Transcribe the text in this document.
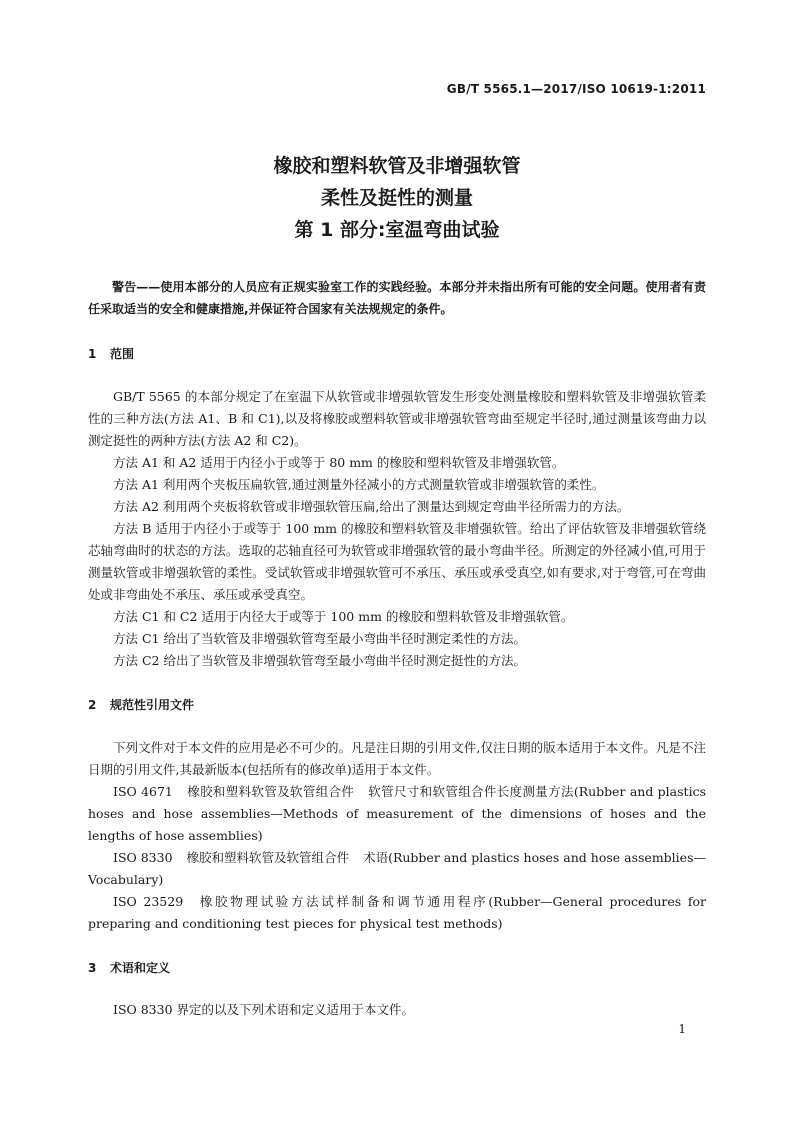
GB/T 5565.1—2017/ISO 10619-1:2011
橡胶和塑料软管及非增强软管
柔性及挺性的测量
第 1 部分:室温弯曲试验

警告——使用本部分的人员应有正规实验室工作的实践经验。本部分并未指出所有可能的安全问题。使用者有责任采取适当的安全和健康措施,并保证符合国家有关法规规定的条件。

1 范围

GB/T 5565 的本部分规定了在室温下从软管或非增强软管发生形变处测量橡胶和塑料软管及非增强软管柔性的三种方法(方法 A1、B 和 C1),以及将橡胶或塑料软管或非增强软管弯曲至规定半径时,通过测量该弯曲力以测定挺性的两种方法(方法 A2 和 C2)。

方法 A1 和 A2 适用于内径小于或等于 80 mm 的橡胶和塑料软管及非增强软管。

方法 A1 利用两个夹板压扁软管,通过测量外径减小的方式测量软管或非增强软管的柔性。

方法 A2 利用两个夹板将软管或非增强软管压扁,给出了测量达到规定弯曲半径所需力的方法。

方法 B 适用于内径小于或等于 100 mm 的橡胶和塑料软管及非增强软管。给出了评估软管及非增强软管绕芯轴弯曲时的状态的方法。选取的芯轴直径可为软管或非增强软管的最小弯曲半径。所测定的外径减小值,可用于测量软管或非增强软管的柔性。受试软管或非增强软管可不承压、承压或承受真空,如有要求,对于弯管,可在弯曲处或非弯曲处不承压、承压或承受真空。

方法 C1 和 C2 适用于内径大于或等于 100 mm 的橡胶和塑料软管及非增强软管。

方法 C1 给出了当软管及非增强软管弯至最小弯曲半径时测定柔性的方法。

方法 C2 给出了当软管及非增强软管弯至最小弯曲半径时测定挺性的方法。

2 规范性引用文件

下列文件对于本文件的应用是必不可少的。凡是注日期的引用文件,仅注日期的版本适用于本文件。凡是不注日期的引用文件,其最新版本(包括所有的修改单)适用于本文件。

ISO 4671 橡胶和塑料软管及软管组合件 软管尺寸和软管组合件长度测量方法(Rubber and plastics hoses and hose assemblies—Methods of measurement of the dimensions of hoses and the lengths of hose assemblies)

ISO 8330 橡胶和塑料软管及软管组合件 术语(Rubber and plastics hoses and hose assemblies—Vocabulary)

ISO 23529 橡胶物理试验方法试样制备和调节通用程序(Rubber—General procedures for preparing and conditioning test pieces for physical test methods)

3 术语和定义

ISO 8330 界定的以及下列术语和定义适用于本文件。

1
